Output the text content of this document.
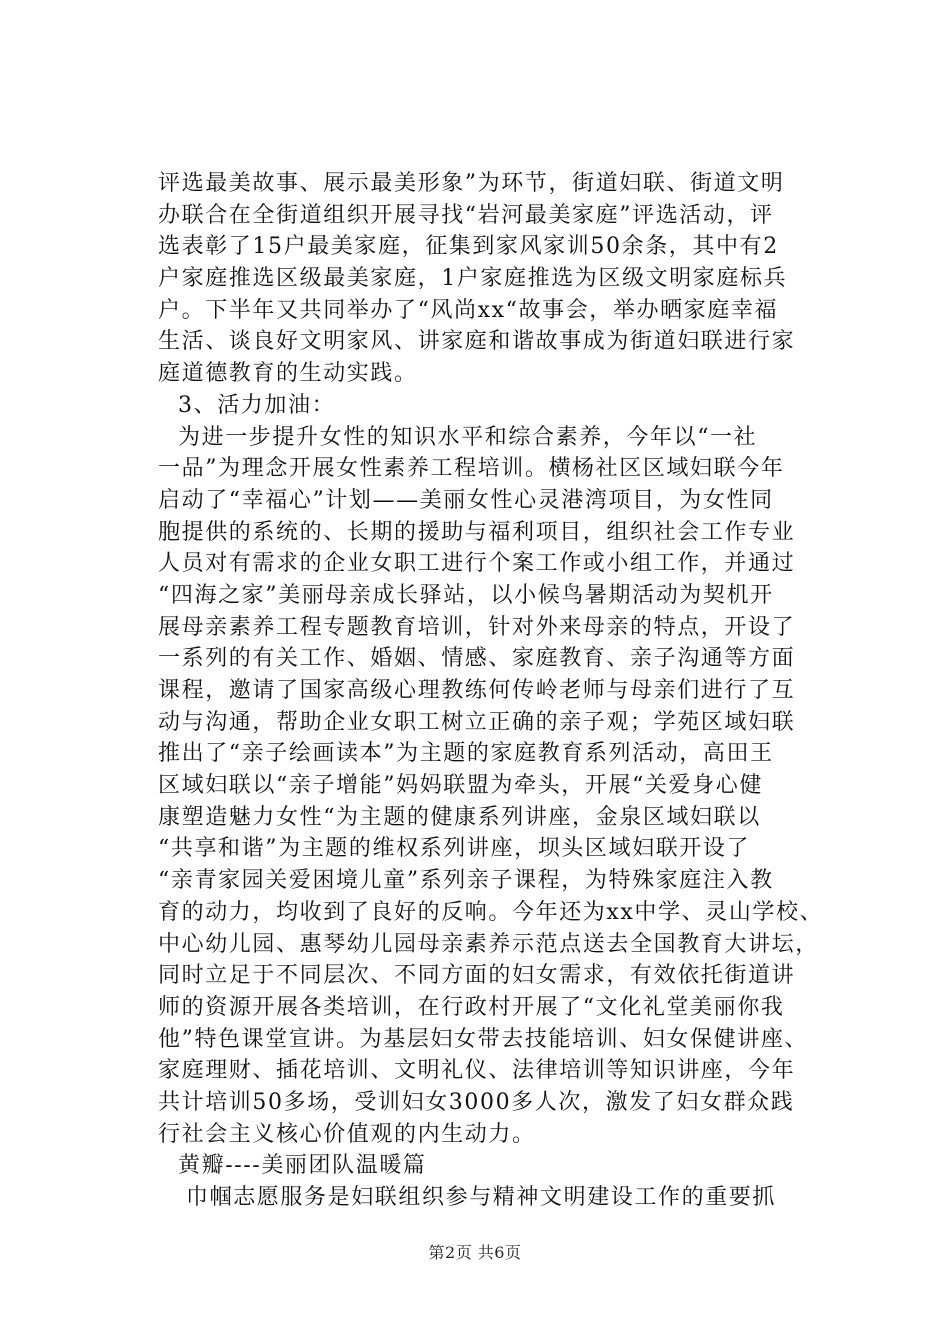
评选最美故事、展示最美形象”为环节，街道妇联、街道文明
办联合在全街道组织开展寻找“岩河最美家庭”评选活动，评
选表彰了15户最美家庭，征集到家风家训50余条，其中有2
户家庭推选区级最美家庭，1户家庭推选为区级文明家庭标兵
户。下半年又共同举办了“风尚xx“故事会，举办晒家庭幸福
生活、谈良好文明家风、讲家庭和谐故事成为街道妇联进行家
庭道德教育的生动实践。
3、活力加油：
为进一步提升女性的知识水平和综合素养，今年以“一社
一品”为理念开展女性素养工程培训。横杨社区区域妇联今年
启动了“幸福心”计划——美丽女性心灵港湾项目，为女性同
胞提供的系统的、长期的援助与福利项目，组织社会工作专业
人员对有需求的企业女职工进行个案工作或小组工作，并通过
“四海之家”美丽母亲成长驿站，以小候鸟暑期活动为契机开
展母亲素养工程专题教育培训，针对外来母亲的特点，开设了
一系列的有关工作、婚姻、情感、家庭教育、亲子沟通等方面
课程，邀请了国家高级心理教练何传岭老师与母亲们进行了互
动与沟通，帮助企业女职工树立正确的亲子观；学苑区域妇联
推出了“亲子绘画读本”为主题的家庭教育系列活动，高田王
区域妇联以“亲子增能”妈妈联盟为牵头，开展“关爱身心健
康塑造魅力女性“为主题的健康系列讲座，金泉区域妇联以
“共享和谐”为主题的维权系列讲座，坝头区域妇联开设了
“亲青家园关爱困境儿童”系列亲子课程，为特殊家庭注入教
育的动力，均收到了良好的反响。今年还为xx中学、灵山学校、
中心幼儿园、惠琴幼儿园母亲素养示范点送去全国教育大讲坛，
同时立足于不同层次、不同方面的妇女需求，有效依托街道讲
师的资源开展各类培训，在行政村开展了“文化礼堂美丽你我
他”特色课堂宣讲。为基层妇女带去技能培训、妇女保健讲座、
家庭理财、插花培训、文明礼仪、法律培训等知识讲座，今年
共计培训50多场，受训妇女3000多人次，激发了妇女群众践
行社会主义核心价值观的内生动力。
黄瓣----美丽团队温暖篇
巾帼志愿服务是妇联组织参与精神文明建设工作的重要抓
第2页 共6页
